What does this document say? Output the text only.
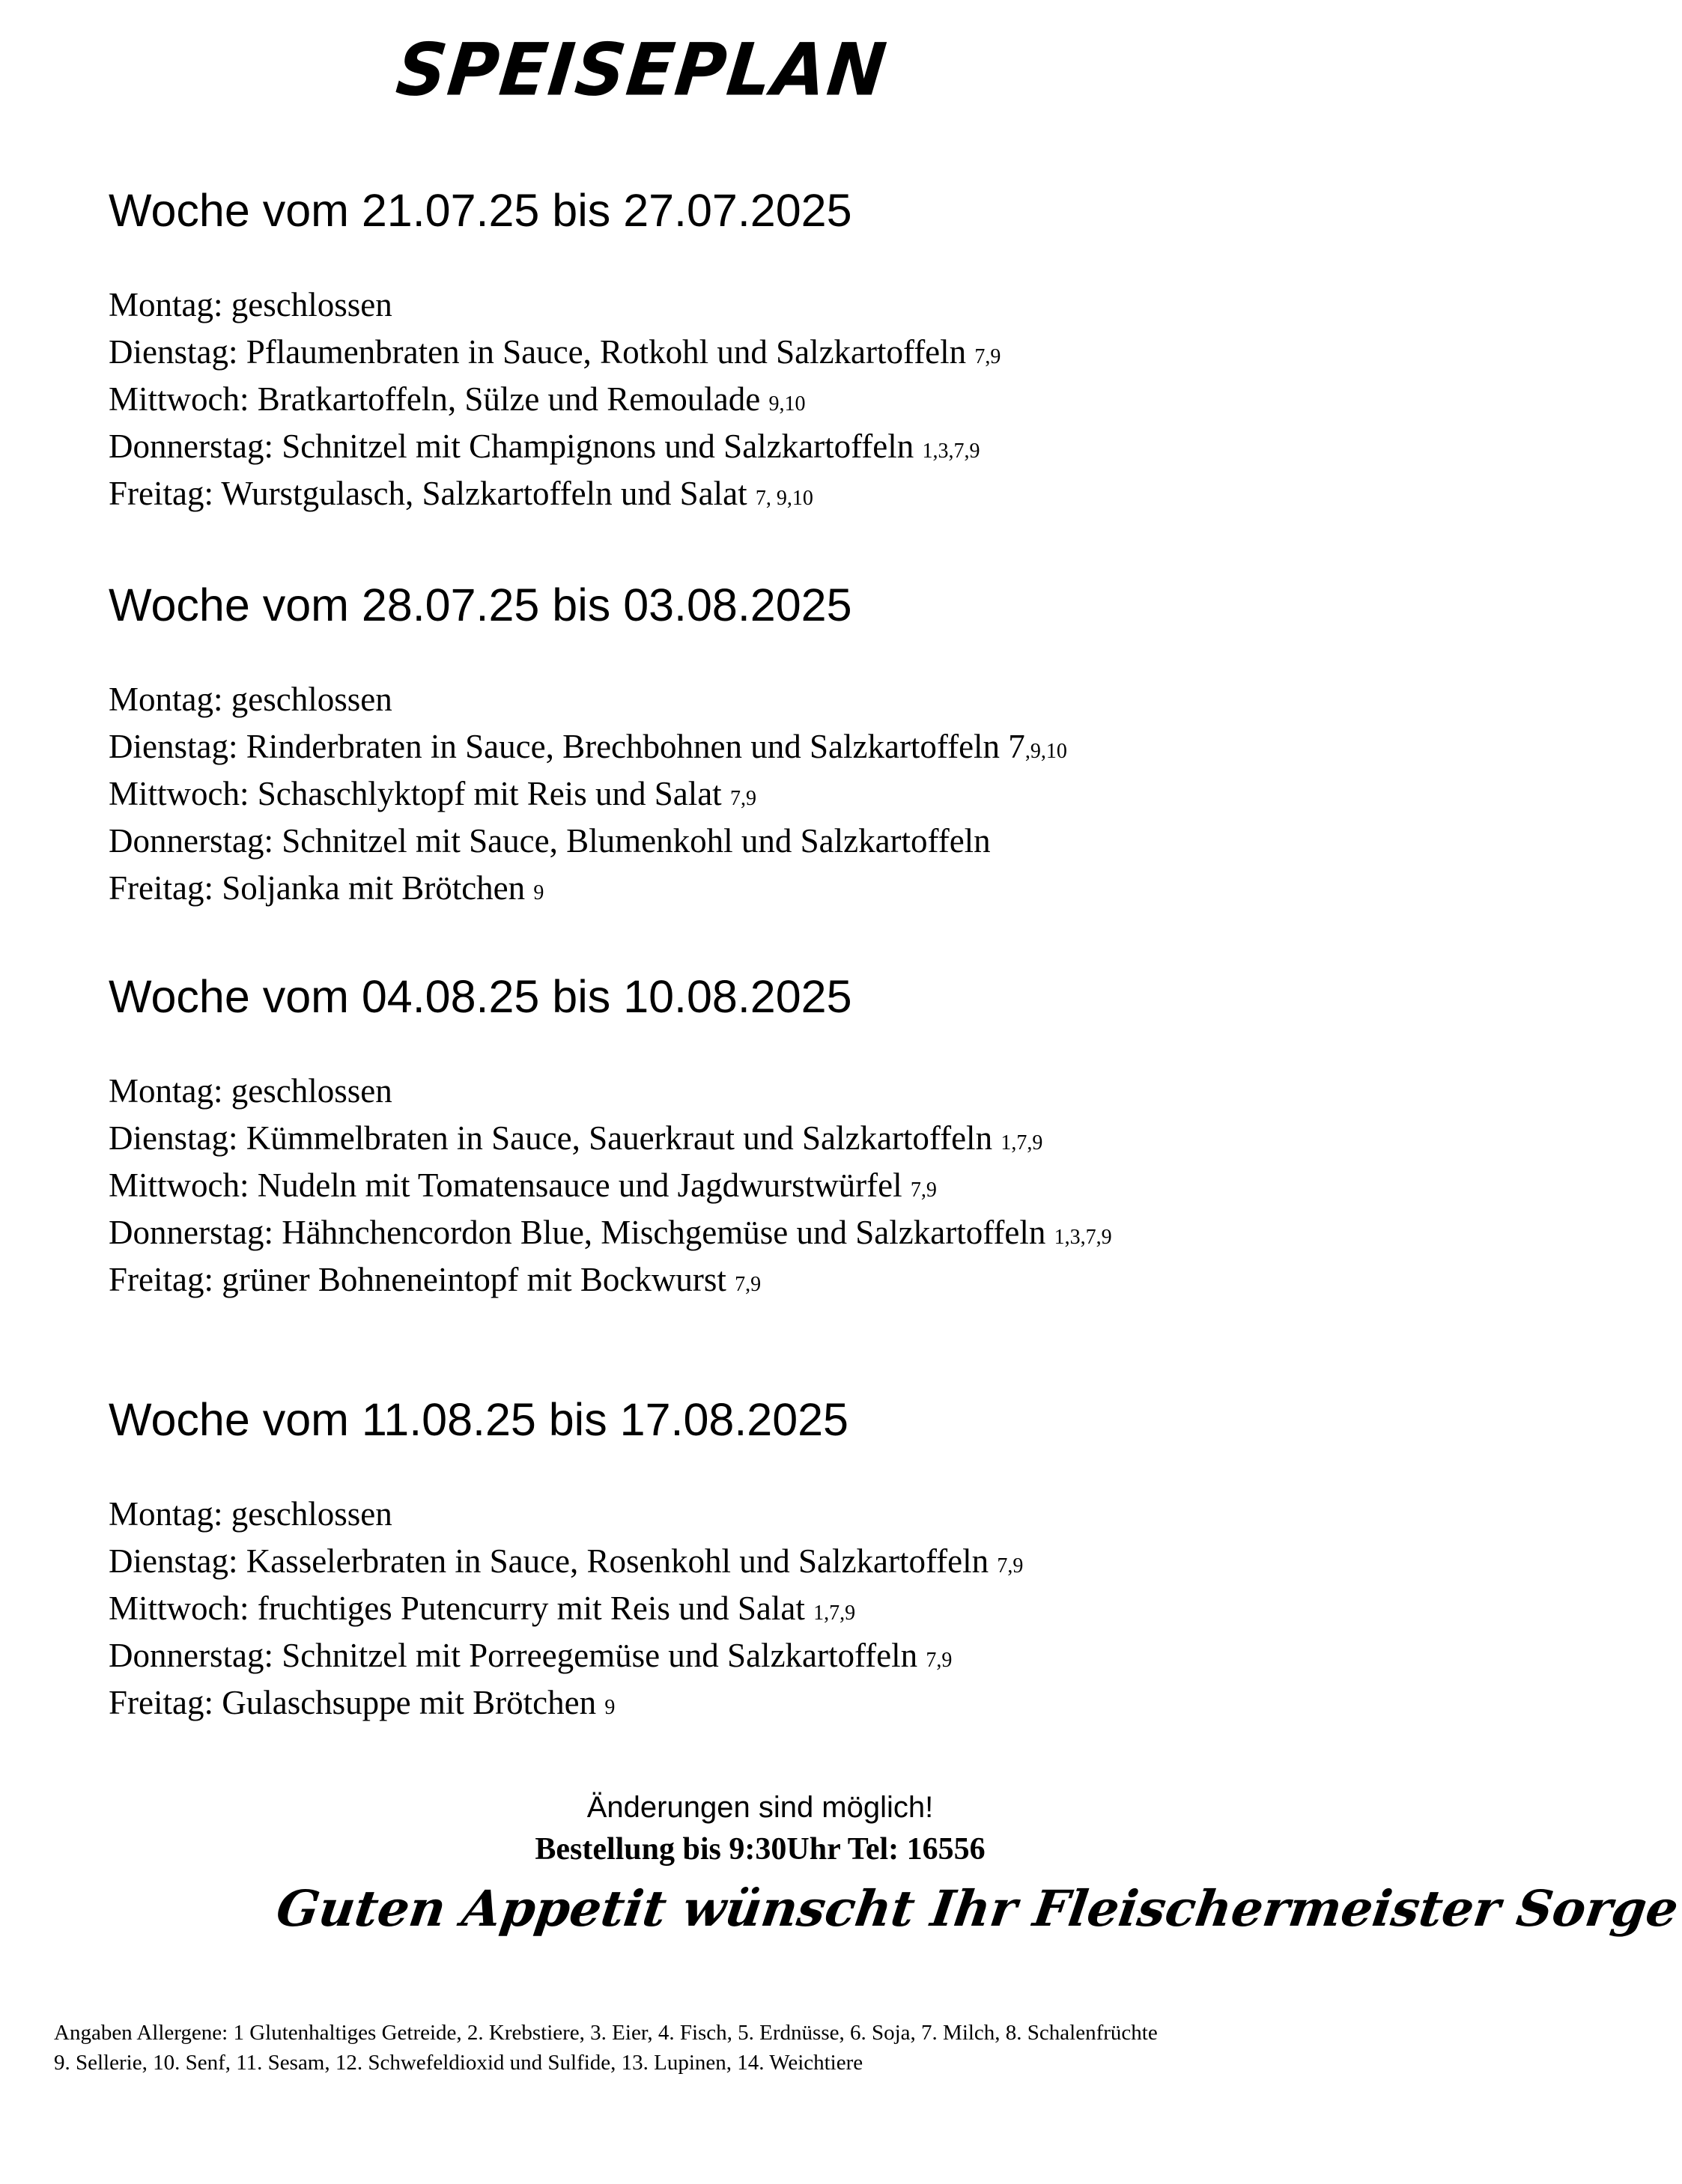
SPEISEPLAN
Woche vom 21.07.25 bis 27.07.2025
Montag: geschlossen
Dienstag: Pflaumenbraten in Sauce, Rotkohl und Salzkartoffeln 7,9
Mittwoch: Bratkartoffeln, Sülze und Remoulade 9,10
Donnerstag: Schnitzel mit Champignons und Salzkartoffeln 1,3,7,9
Freitag: Wurstgulasch, Salzkartoffeln und Salat 7, 9,10
Woche vom 28.07.25 bis 03.08.2025
Montag: geschlossen
Dienstag: Rinderbraten in Sauce, Brechbohnen und Salzkartoffeln 7,9,10
Mittwoch: Schaschlyktopf mit Reis und Salat 7,9
Donnerstag: Schnitzel mit Sauce, Blumenkohl und Salzkartoffeln
Freitag: Soljanka mit Brötchen 9
Woche vom 04.08.25 bis 10.08.2025
Montag: geschlossen
Dienstag: Kümmelbraten in Sauce, Sauerkraut und Salzkartoffeln 1,7,9
Mittwoch: Nudeln mit Tomatensauce und Jagdwurstwürfel 7,9
Donnerstag: Hähnchencordon Blue, Mischgemüse und Salzkartoffeln 1,3,7,9
Freitag: grüner Bohneneintopf mit Bockwurst 7,9
Woche vom 11.08.25 bis 17.08.2025
Montag: geschlossen
Dienstag: Kasselerbraten in Sauce, Rosenkohl und Salzkartoffeln 7,9
Mittwoch: fruchtiges Putencurry mit Reis und Salat 1,7,9
Donnerstag: Schnitzel mit Porreegemüse und Salzkartoffeln 7,9
Freitag: Gulaschsuppe mit Brötchen 9
Änderungen sind möglich!
Bestellung bis 9:30Uhr Tel: 16556
Guten Appetit wünscht Ihr Fleischermeister Sorge
Angaben Allergene: 1 Glutenhaltiges Getreide, 2. Krebstiere, 3. Eier, 4. Fisch, 5. Erdnüsse, 6. Soja, 7. Milch, 8. Schalenfrüchte
9. Sellerie, 10. Senf, 11. Sesam, 12. Schwefeldioxid und Sulfide, 13. Lupinen, 14. Weichtiere
